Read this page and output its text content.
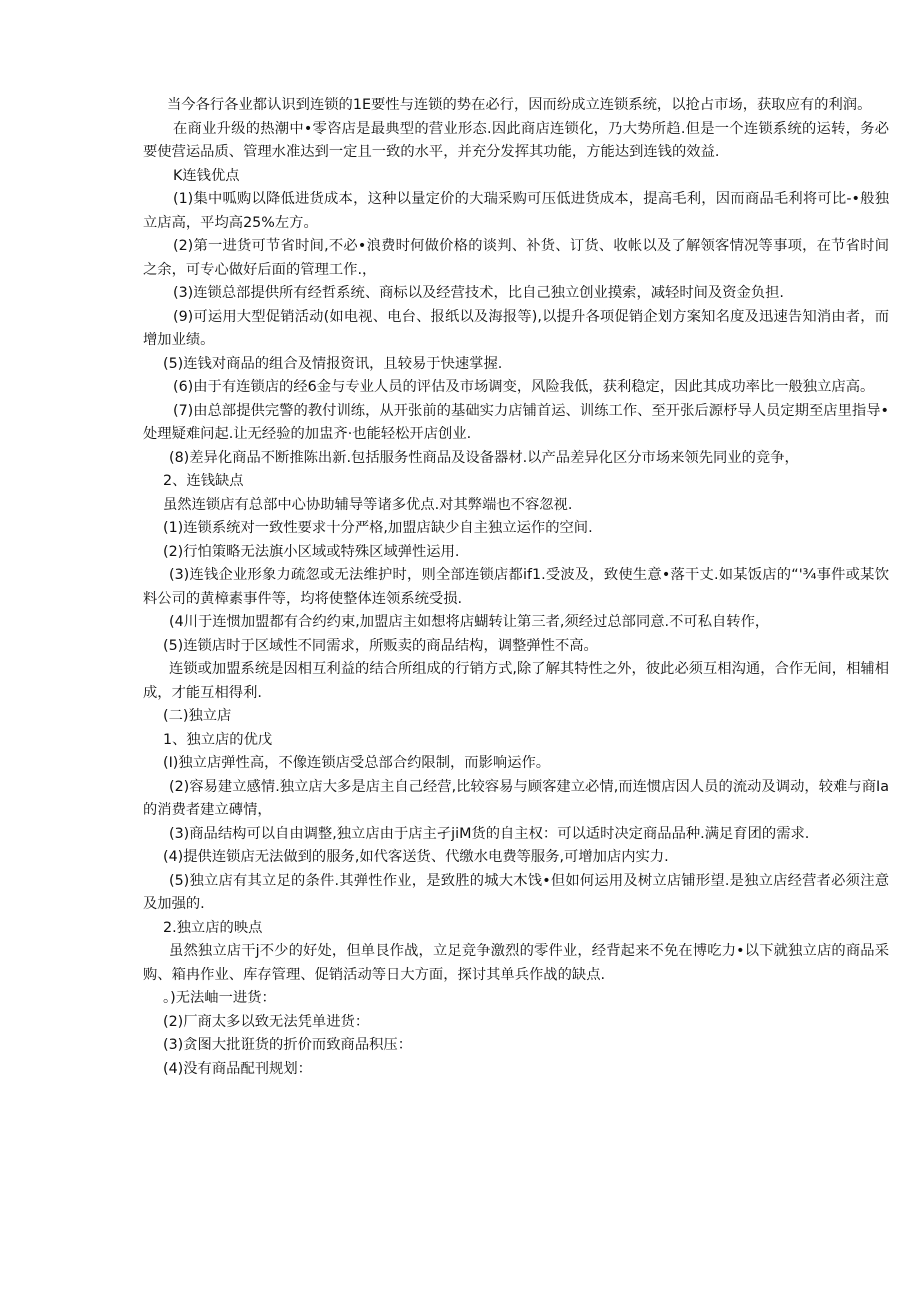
当今各行各业都认识到连锁的1E要性与连锁的势在必行，因而纷成立连锁系统，以抢占市场，获取应有的利润。

在商业升级的热潮中•零咨店是最典型的营业形态.因此商店连锁化，乃大势所趋.但是一个连锁系统的运转，务必要使营运品质、管理水准达到一定且一致的水平，并充分发挥其功能，方能达到连钱的效益.

K连钱优点

(1)集中呱购以降低进货成本，这种以量定价的大瑞采购可压低进货成本，提高毛利，因而商品毛利将可比-•般独立店高，平均高25%左方。

(2)第一进货可节省时间,不必•浪费时何做价格的谈判、补货、订货、收帐以及了解领客情况等事项，在节省时间之余，可专心做好后面的管理工作.，

(3)连锁总部提供所有经哲系统、商标以及经营技术，比自己独立创业摸索，减轻时间及资金负担.

(9)可运用大型促销活动(如电视、电台、报纸以及海报等),以提升各项促销企划方案知名度及迅速告知消由者，而增加业绩。

(5)连钱对商品的组合及情报资讯，且较易于快速掌握.

(6)由于有连锁店的经6金与专业人员的评估及市场调变，风险我低，获利稳定，因此其成功率比一般独立店高。

(7)由总部提供完警的教付训练，从开张前的基础实力店铺首运、训练工作、至开张后源杼导人员定期至店里指导•处理疑难问起.让无经验的加盅齐·也能轻松开店创业.

(8)差异化商品不断推陈出新.包括服务性商品及设备器材.以产品差异化区分市场来领先同业的竞争，

2、连钱缺点

虽然连锁店有总部中心协助辅导等诸多优点.对其弊端也不容忽视.

(1)连锁系统对一致性要求十分严格,加盟店缺少自主独立运作的空间.

(2)行怕策略无法旗小区域或特殊区域弹性运用.

(3)连钱企业形象力疏忽或无法维护时，则全部连锁店都if1.受波及，致使生意•落干丈.如某饭店的“'¾事件或某饮料公司的黄樟素事件等，均将使整体连领系统受损.

(4川于连惯加盟都有合约约束,加盟店主如想将店蝴转让第三者,须经过总部同意.不可私自转作，

(5)连锁店时于区域性不同需求，所贩卖的商品结构，调整弹性不高。

连锁或加盟系统是因相互利益的结合所组成的行销方式,除了解其特性之外，彼此必须互相沟通，合作无间，相辅相成，才能互相得利.

(二)独立店

1、独立店的优戊

(I)独立店弹性高，不像连锁店受总部合约限制，而影响运作。

(2)容易建立感情.独立店大多是店主自己经营,比较容易与顾客建立必情,而连惯店因人员的流动及调动，较难与商Ia的消费者建立磚情，

(3)商品结构可以自由调整,独立店由于店主孑jiM货的自主权：可以适时决定商品品种.满足育团的需求.

(4)提供连锁店无法做到的服务,如代客送货、代缴水电费等服务,可增加店内实力.

(5)独立店有其立足的条件.其弹性作业，是致胜的城大木饯•但如何运用及树立店铺形望.是独立店经营者必须注意及加强的.

2.独立店的映点

虽然独立店干j不少的好处，但单艮作战，立足竞争激烈的零件业，经背起来不免在博吃力•以下就独立店的商品采购、箱冉作业、库存管理、促销活动等日大方面，探讨其单兵作战的缺点.

。)无法岫一进货：

(2)厂商太多以致无法凭单进货：

(3)贪图大批诳货的折价而致商品积压：

(4)没有商品配刊规划：
